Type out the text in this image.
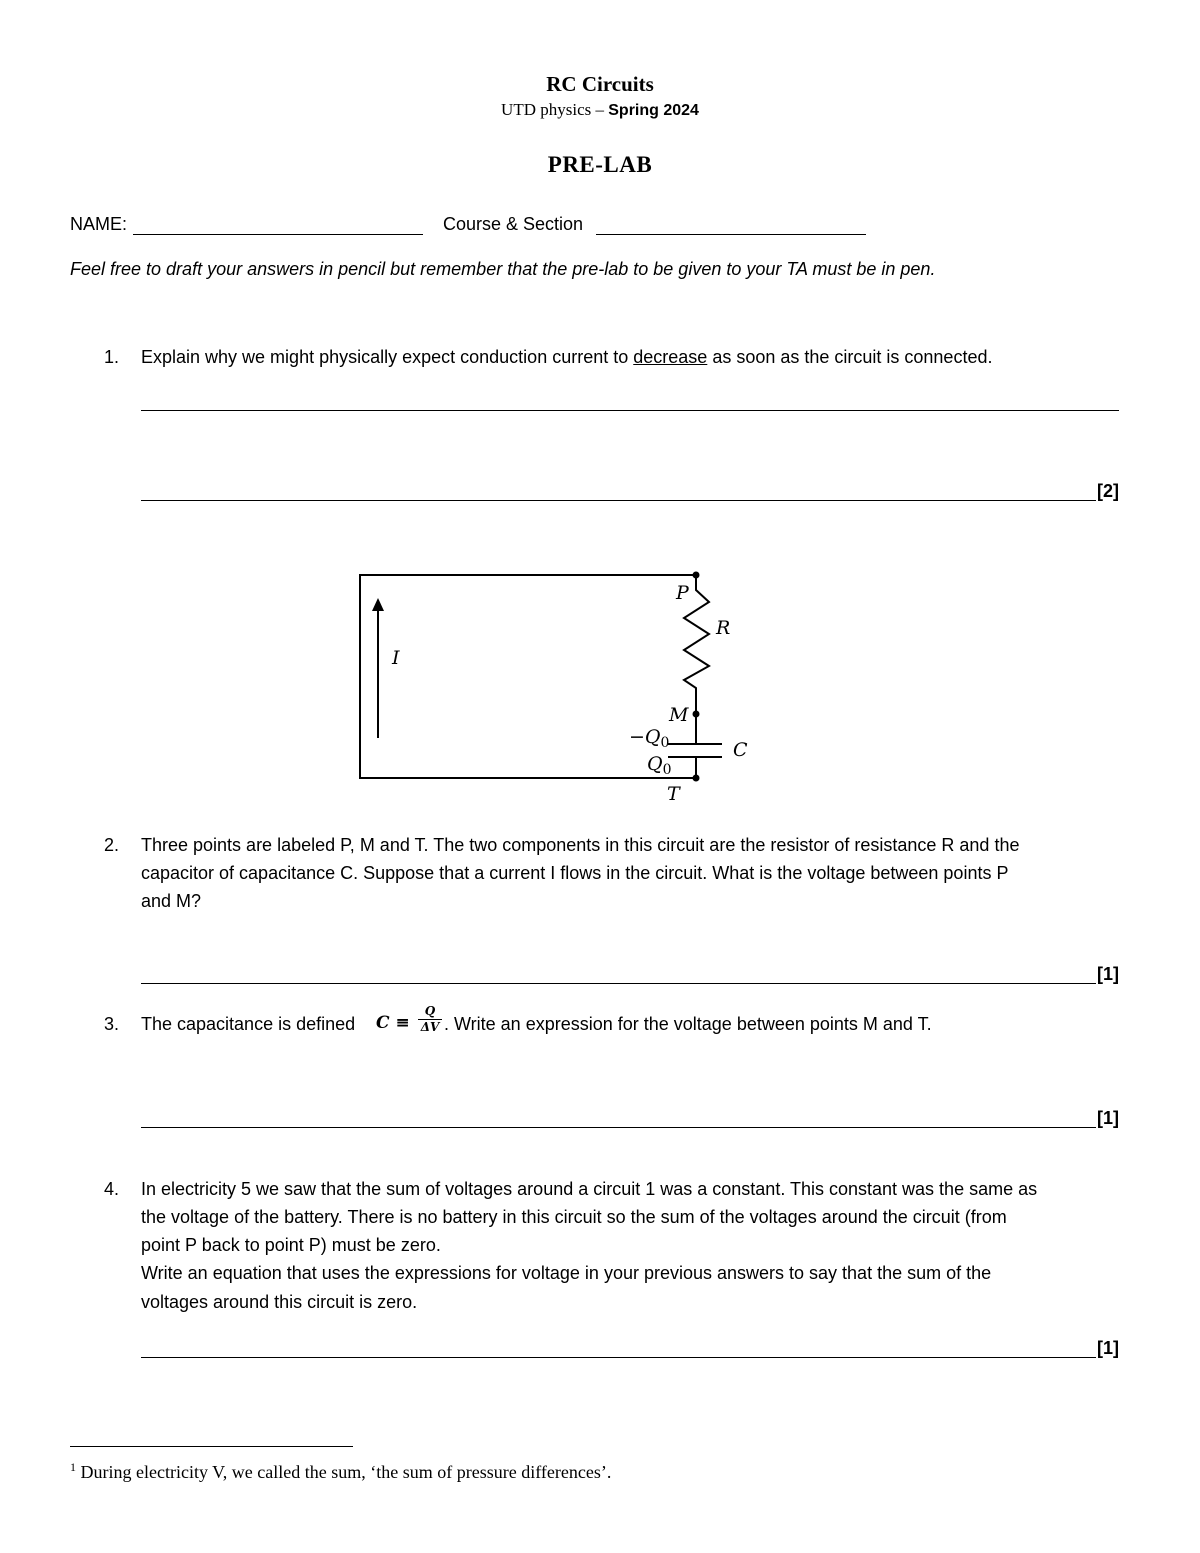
RC Circuits
UTD physics – Spring 2024
PRE-LAB
NAME:	Course & Section
Feel free to draft your answers in pencil but remember that the pre-lab to be given to your TA must be in pen.
1. Explain why we might physically expect conduction current to decrease as soon as the circuit is connected.
[2]
P
R
I
M
$-Q_0$
$Q_0$
C
T
2. Three points are labeled P, M and T. The two components in this circuit are the resistor of resistance R and the
capacitor of capacitance C. Suppose that a current I flows in the circuit. What is the voltage between points P
and M?
[1]
3. The capacitance is defined C ≡
Q
ΔV . Write an expression for the voltage between points M and T.
[1]
4. In electricity 5 we saw that the sum of voltages around a circuit 1 was a constant. This constant was the same as
the voltage of the battery. There is no battery in this circuit so the sum of the voltages around the circuit (from
point P back to point P) must be zero.
Write an equation that uses the expressions for voltage in your previous answers to say that the sum of the
voltages around this circuit is zero.
[1]
$^1$ During electricity V, we called the sum, ‘the sum of pressure differences’.
